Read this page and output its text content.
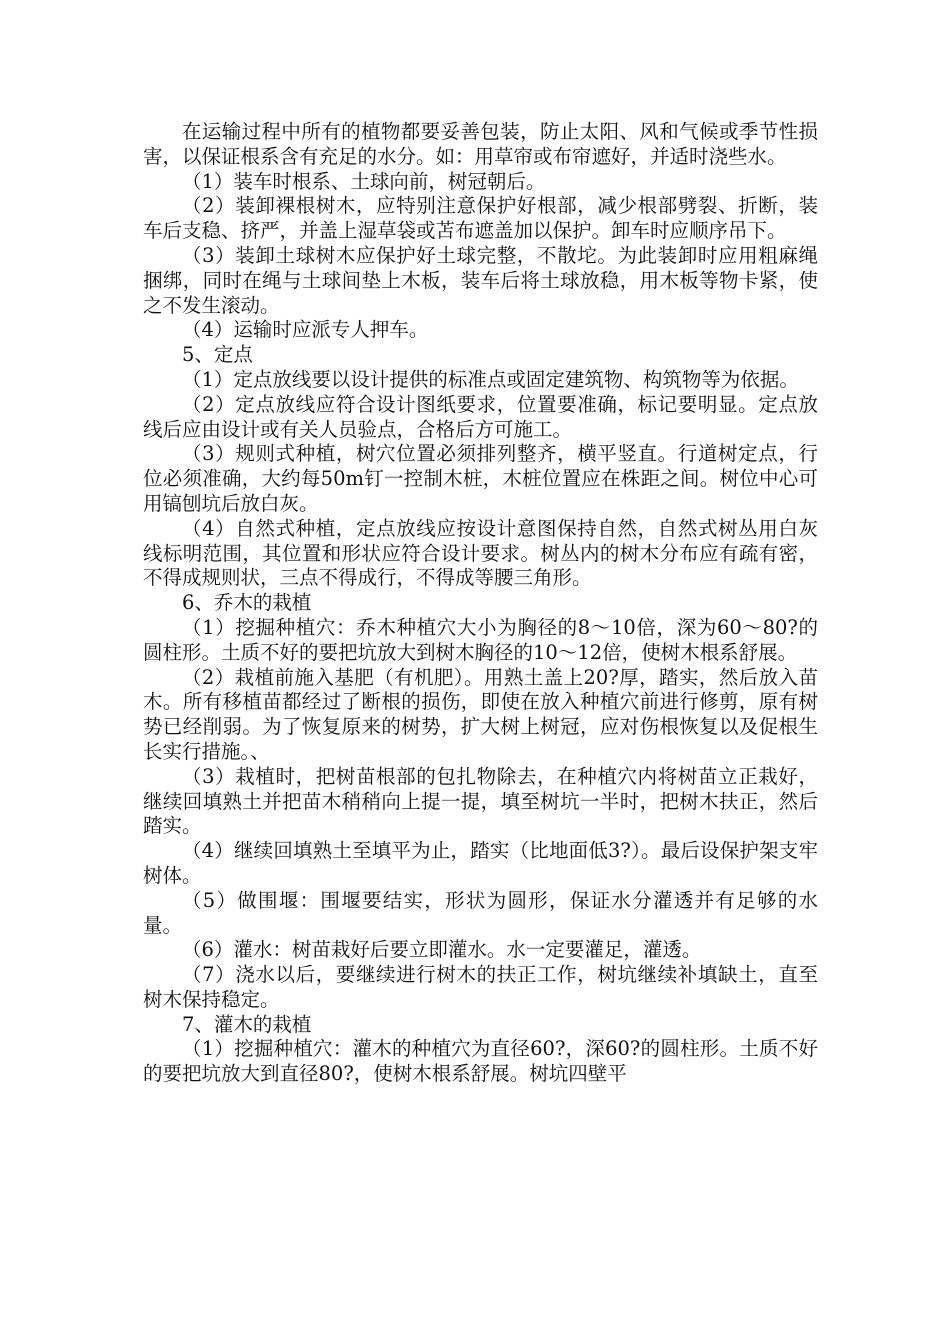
在运输过程中所有的植物都要妥善包装，防止太阳、风和气候或季节性损害，以保证根系含有充足的水分。如：用草帘或布帘遮好，并适时浇些水。

（1）装车时根系、土球向前，树冠朝后。

（2）装卸裸根树木，应特别注意保护好根部，减少根部劈裂、折断，装车后支稳、挤严，并盖上湿草袋或苫布遮盖加以保护。卸车时应顺序吊下。

（3）装卸土球树木应保护好土球完整，不散坨。为此装卸时应用粗麻绳捆绑，同时在绳与土球间垫上木板，装车后将土球放稳，用木板等物卡紧，使之不发生滚动。

（4）运输时应派专人押车。

5、定点

（1）定点放线要以设计提供的标准点或固定建筑物、构筑物等为依据。

（2）定点放线应符合设计图纸要求，位置要准确，标记要明显。定点放线后应由设计或有关人员验点，合格后方可施工。

（3）规则式种植，树穴位置必须排列整齐，横平竖直。行道树定点，行位必须准确，大约每50m钉一控制木桩，木桩位置应在株距之间。树位中心可用镐刨坑后放白灰。

（4）自然式种植，定点放线应按设计意图保持自然，自然式树丛用白灰线标明范围，其位置和形状应符合设计要求。树丛内的树木分布应有疏有密，不得成规则状，三点不得成行，不得成等腰三角形。

6、乔木的栽植

（1）挖掘种植穴：乔木种植穴大小为胸径的8～10倍，深为60～80?的圆柱形。土质不好的要把坑放大到树木胸径的10～12倍，使树木根系舒展。

（2）栽植前施入基肥（有机肥）。用熟土盖上20?厚，踏实，然后放入苗木。所有移植苗都经过了断根的损伤，即使在放入种植穴前进行修剪，原有树势已经削弱。为了恢复原来的树势，扩大树上树冠，应对伤根恢复以及促根生长实行措施。、

（3）栽植时，把树苗根部的包扎物除去，在种植穴内将树苗立正栽好，继续回填熟土并把苗木稍稍向上提一提，填至树坑一半时，把树木扶正，然后踏实。

（4）继续回填熟土至填平为止，踏实（比地面低3?）。最后设保护架支牢树体。

（5）做围堰：围堰要结实，形状为圆形，保证水分灌透并有足够的水量。

（6）灌水：树苗栽好后要立即灌水。水一定要灌足，灌透。

（7）浇水以后，要继续进行树木的扶正工作，树坑继续补填缺土，直至树木保持稳定。

7、灌木的栽植

（1）挖掘种植穴：灌木的种植穴为直径60?，深60?的圆柱形。土质不好的要把坑放大到直径80?，使树木根系舒展。树坑四壁平
